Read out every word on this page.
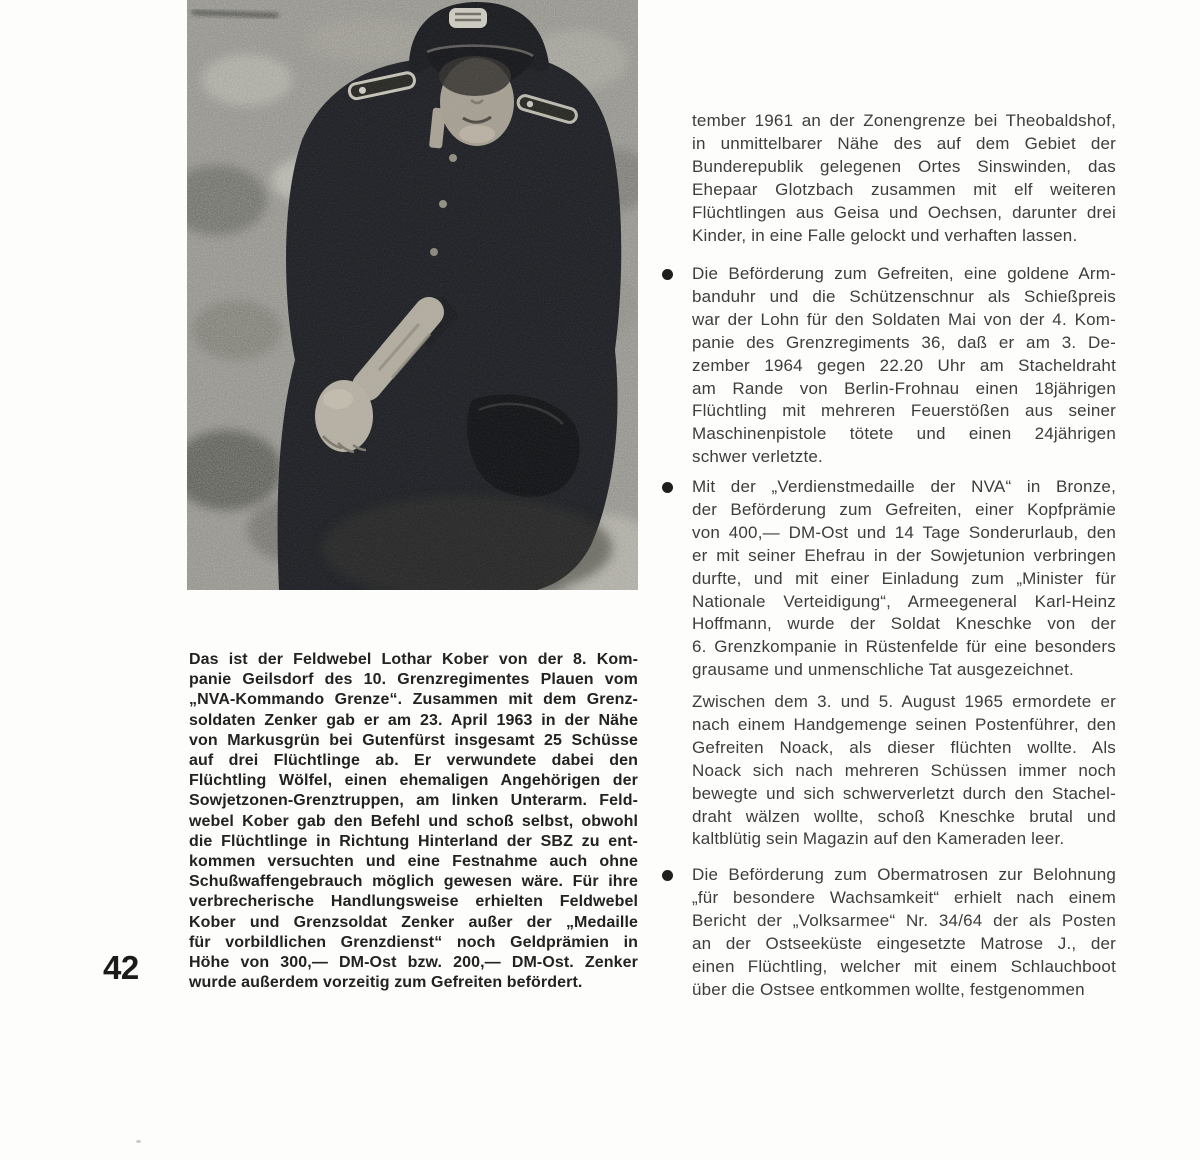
Das ist der Feldwebel Lothar Kober von der 8. Kom-
panie Geilsdorf des 10. Grenzregimentes Plauen vom
„NVA-Kommando Grenze“. Zusammen mit dem Grenz-
soldaten Zenker gab er am 23. April 1963 in der Nähe
von Markusgrün bei Gutenfürst insgesamt 25 Schüsse
auf drei Flüchtlinge ab. Er verwundete dabei den
Flüchtling Wölfel, einen ehemaligen Angehörigen der
Sowjetzonen-Grenztruppen, am linken Unterarm. Feld-
webel Kober gab den Befehl und schoß selbst, obwohl
die Flüchtlinge in Richtung Hinterland der SBZ zu ent-
kommen versuchten und eine Festnahme auch ohne
Schußwaffengebrauch möglich gewesen wäre. Für ihre
verbrecherische Handlungsweise erhielten Feldwebel
Kober und Grenzsoldat Zenker außer der „Medaille
für vorbildlichen Grenzdienst“ noch Geldprämien in
Höhe von 300,— DM-Ost bzw. 200,— DM-Ost. Zenker
wurde außerdem vorzeitig zum Gefreiten befördert.
tember 1961 an der Zonengrenze bei Theobaldshof,
in unmittelbarer Nähe des auf dem Gebiet der
Bunderepublik gelegenen Ortes Sinswinden, das
Ehepaar Glotzbach zusammen mit elf weiteren
Flüchtlingen aus Geisa und Oechsen, darunter drei
Kinder, in eine Falle gelockt und verhaften lassen.
Die Beförderung zum Gefreiten, eine goldene Arm-
banduhr und die Schützenschnur als Schießpreis
war der Lohn für den Soldaten Mai von der 4. Kom-
panie des Grenzregiments 36, daß er am 3. De-
zember 1964 gegen 22.20 Uhr am Stacheldraht
am Rande von Berlin-Frohnau einen 18jährigen
Flüchtling mit mehreren Feuerstößen aus seiner
Maschinenpistole tötete und einen 24jährigen
schwer verletzte.
Mit der „Verdienstmedaille der NVA“ in Bronze,
der Beförderung zum Gefreiten, einer Kopfprämie
von 400,— DM-Ost und 14 Tage Sonderurlaub, den
er mit seiner Ehefrau in der Sowjetunion verbringen
durfte, und mit einer Einladung zum „Minister für
Nationale Verteidigung“, Armeegeneral Karl-Heinz
Hoffmann, wurde der Soldat Kneschke von der
6. Grenzkompanie in Rüstenfelde für eine besonders
grausame und unmenschliche Tat ausgezeichnet.
Zwischen dem 3. und 5. August 1965 ermordete er
nach einem Handgemenge seinen Postenführer, den
Gefreiten Noack, als dieser flüchten wollte. Als
Noack sich nach mehreren Schüssen immer noch
bewegte und sich schwerverletzt durch den Stachel-
draht wälzen wollte, schoß Kneschke brutal und
kaltblütig sein Magazin auf den Kameraden leer.
Die Beförderung zum Obermatrosen zur Belohnung
„für besondere Wachsamkeit“ erhielt nach einem
Bericht der „Volksarmee“ Nr. 34/64 der als Posten
an der Ostseeküste eingesetzte Matrose J., der
einen Flüchtling, welcher mit einem Schlauchboot
über die Ostsee entkommen wollte, festgenommen
42
